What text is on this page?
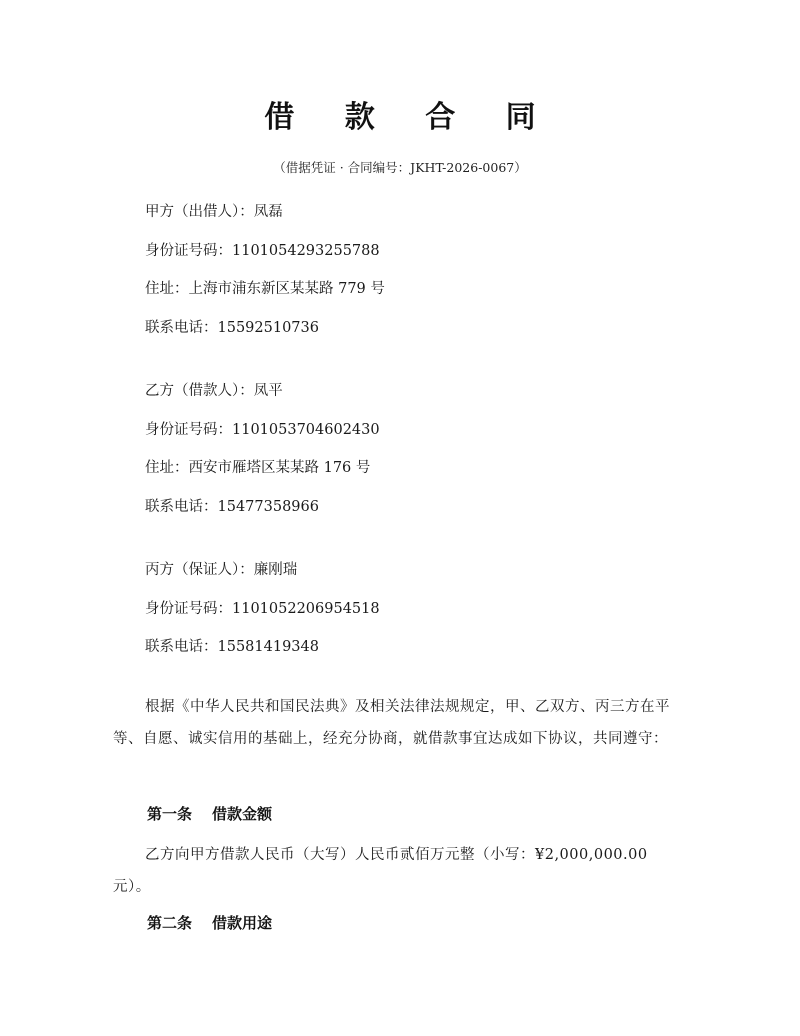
借 款 合 同
（借据凭证 · 合同编号：JKHT-2026-0067）
甲方（出借人）：凤磊
身份证号码：1101054293255788
住址：上海市浦东新区某某路 779 号
联系电话：15592510736
乙方（借款人）：凤平
身份证号码：1101053704602430
住址：西安市雁塔区某某路 176 号
联系电话：15477358966
丙方（保证人）：廉刚瑞
身份证号码：1101052206954518
联系电话：15581419348
根据《中华人民共和国民法典》及相关法律法规规定，甲、乙双方、丙三方在平等、自愿、诚实信用的基础上，经充分协商，就借款事宜达成如下协议，共同遵守：
第一条 借款金额
乙方向甲方借款人民币（大写）人民币贰佰万元整（小写：¥2,000,000.00元）。
第二条 借款用途
